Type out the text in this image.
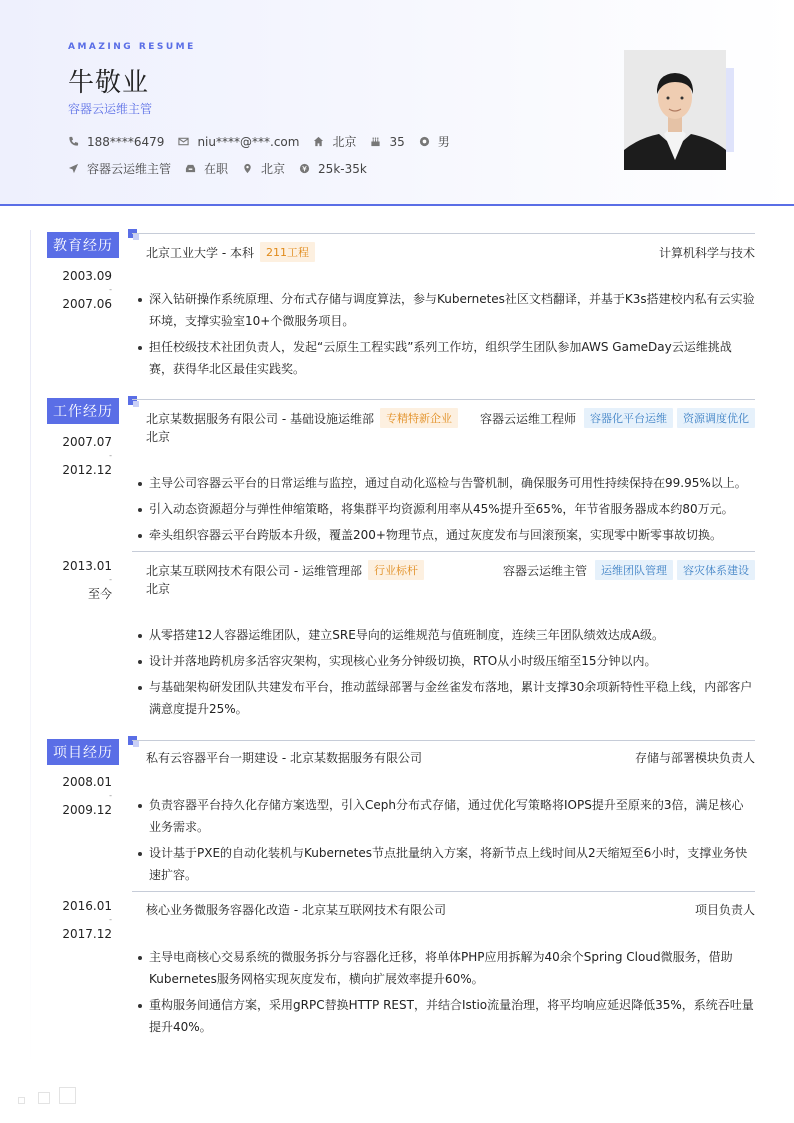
AMAZING RESUME
牛敬业
容器云运维主管
188****6479	niu****@***.com	北京	35	男
容器云运维主管	在职	北京	25k-35k
教育经历
2003.09
-
2007.06
北京工业大学 - 本科	211工程	计算机科学与技术
深入钻研操作系统原理、分布式存储与调度算法，参与Kubernetes社区文档翻译，并基于K3s搭建校内私有云实验环境，支撑实验室10+个微服务项目。
担任校级技术社团负责人，发起“云原生工程实践”系列工作坊，组织学生团队参加AWS GameDay云运维挑战赛，获得华北区最佳实践奖。
工作经历
2007.07
-
2012.12
北京某数据服务有限公司 - 基础设施运维部	专精特新企业	容器云运维工程师	容器化平台运维	资源调度优化
北京
主导公司容器云平台的日常运维与监控，通过自动化巡检与告警机制，确保服务可用性持续保持在99.95%以上。
引入动态资源超分与弹性伸缩策略，将集群平均资源利用率从45%提升至65%，年节省服务器成本约80万元。
牵头组织容器云平台跨版本升级，覆盖200+物理节点，通过灰度发布与回滚预案，实现零中断零事故切换。
2013.01
-
至今
北京某互联网技术有限公司 - 运维管理部	行业标杆	容器云运维主管	运维团队管理	容灾体系建设
北京
从零搭建12人容器运维团队，建立SRE导向的运维规范与值班制度，连续三年团队绩效达成A级。
设计并落地跨机房多活容灾架构，实现核心业务分钟级切换，RTO从小时级压缩至15分钟以内。
与基础架构研发团队共建发布平台，推动蓝绿部署与金丝雀发布落地，累计支撑30余项新特性平稳上线，内部客户满意度提升25%。
项目经历
2008.01
-
2009.12
私有云容器平台一期建设 - 北京某数据服务有限公司	存储与部署模块负责人
负责容器平台持久化存储方案选型，引入Ceph分布式存储，通过优化写策略将IOPS提升至原来的3倍，满足核心业务需求。
设计基于PXE的自动化装机与Kubernetes节点批量纳入方案，将新节点上线时间从2天缩短至6小时，支撑业务快速扩容。
2016.01
-
2017.12
核心业务微服务容器化改造 - 北京某互联网技术有限公司	项目负责人
主导电商核心交易系统的微服务拆分与容器化迁移，将单体PHP应用拆解为40余个Spring Cloud微服务，借助Kubernetes服务网格实现灰度发布，横向扩展效率提升60%。
重构服务间通信方案，采用gRPC替换HTTP REST，并结合Istio流量治理，将平均响应延迟降低35%，系统吞吐量提升40%。
